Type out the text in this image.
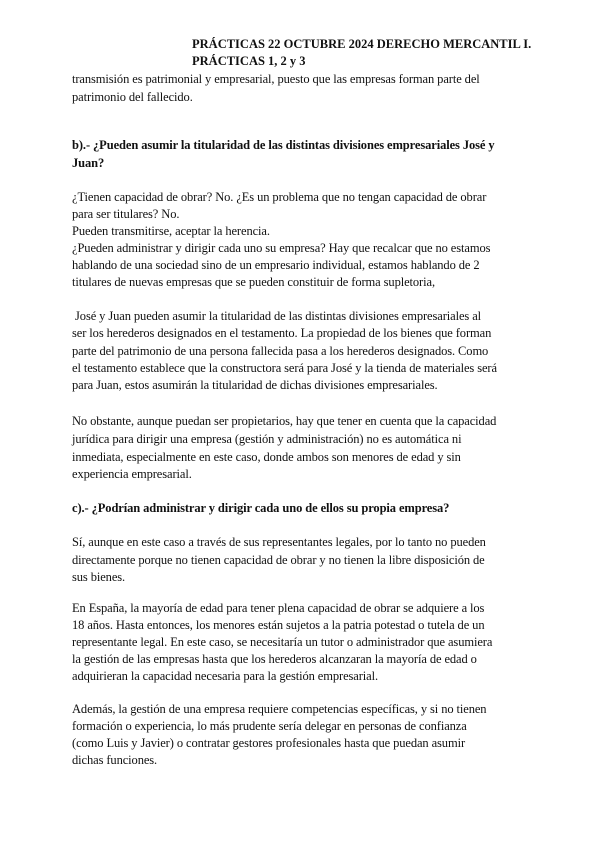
PRÁCTICAS 22 OCTUBRE 2024 DERECHO MERCANTIL I.
PRÁCTICAS 1, 2 y 3
transmisión es patrimonial y empresarial, puesto que las empresas forman parte del
patrimonio del fallecido.
b).- ¿Pueden asumir la titularidad de las distintas divisiones empresariales José y
Juan?
¿Tienen capacidad de obrar? No. ¿Es un problema que no tengan capacidad de obrar
para ser titulares? No.
Pueden transmitirse, aceptar la herencia.
¿Pueden administrar y dirigir cada uno su empresa? Hay que recalcar que no estamos
hablando de una sociedad sino de un empresario individual, estamos hablando de 2
titulares de nuevas empresas que se pueden constituir de forma supletoria,
José y Juan pueden asumir la titularidad de las distintas divisiones empresariales al
ser los herederos designados en el testamento. La propiedad de los bienes que forman
parte del patrimonio de una persona fallecida pasa a los herederos designados. Como
el testamento establece que la constructora será para José y la tienda de materiales será
para Juan, estos asumirán la titularidad de dichas divisiones empresariales.
No obstante, aunque puedan ser propietarios, hay que tener en cuenta que la capacidad
jurídica para dirigir una empresa (gestión y administración) no es automática ni
inmediata, especialmente en este caso, donde ambos son menores de edad y sin
experiencia empresarial.
c).- ¿Podrían administrar y dirigir cada uno de ellos su propia empresa?
Sí, aunque en este caso a través de sus representantes legales, por lo tanto no pueden
directamente porque no tienen capacidad de obrar y no tienen la libre disposición de
sus bienes.
En España, la mayoría de edad para tener plena capacidad de obrar se adquiere a los
18 años. Hasta entonces, los menores están sujetos a la patria potestad o tutela de un
representante legal. En este caso, se necesitaría un tutor o administrador que asumiera
la gestión de las empresas hasta que los herederos alcanzaran la mayoría de edad o
adquirieran la capacidad necesaria para la gestión empresarial.
Además, la gestión de una empresa requiere competencias específicas, y si no tienen
formación o experiencia, lo más prudente sería delegar en personas de confianza
(como Luis y Javier) o contratar gestores profesionales hasta que puedan asumir
dichas funciones.
